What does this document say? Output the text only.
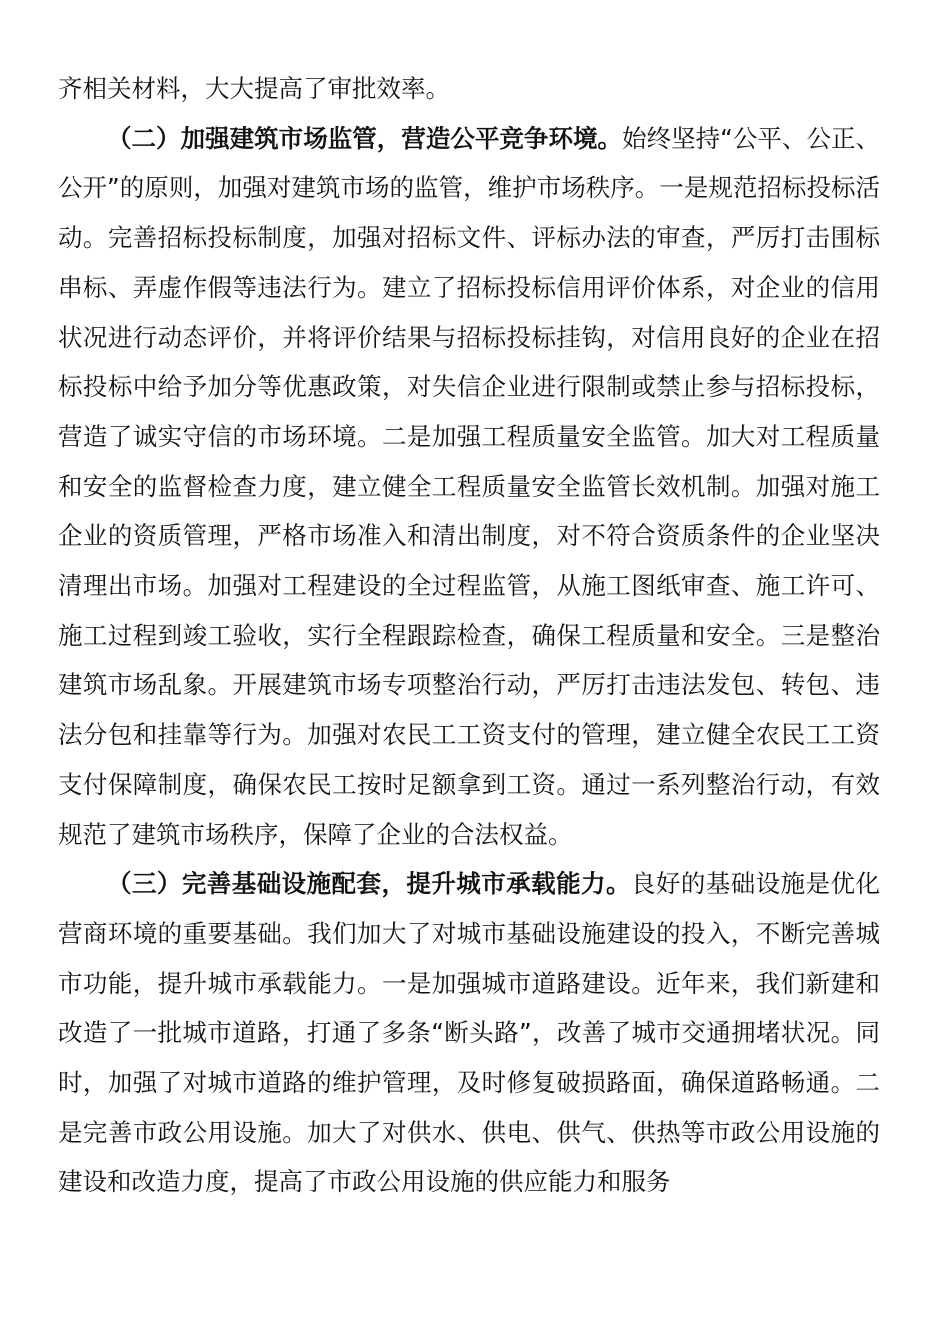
齐相关材料，大大提高了审批效率。

（二）加强建筑市场监管，营造公平竞争环境。始终坚持“公平、公正、公开”的原则，加强对建筑市场的监管，维护市场秩序。一是规范招标投标活动。完善招标投标制度，加强对招标文件、评标办法的审查，严厉打击围标串标、弄虚作假等违法行为。建立了招标投标信用评价体系，对企业的信用状况进行动态评价，并将评价结果与招标投标挂钩，对信用良好的企业在招标投标中给予加分等优惠政策，对失信企业进行限制或禁止参与招标投标，营造了诚实守信的市场环境。二是加强工程质量安全监管。加大对工程质量和安全的监督检查力度，建立健全工程质量安全监管长效机制。加强对施工企业的资质管理，严格市场准入和清出制度，对不符合资质条件的企业坚决清理出市场。加强对工程建设的全过程监管，从施工图纸审查、施工许可、施工过程到竣工验收，实行全程跟踪检查，确保工程质量和安全。三是整治建筑市场乱象。开展建筑市场专项整治行动，严厉打击违法发包、转包、违法分包和挂靠等行为。加强对农民工工资支付的管理，建立健全农民工工资支付保障制度，确保农民工按时足额拿到工资。通过一系列整治行动，有效规范了建筑市场秩序，保障了企业的合法权益。

（三）完善基础设施配套，提升城市承载能力。良好的基础设施是优化营商环境的重要基础。我们加大了对城市基础设施建设的投入，不断完善城市功能，提升城市承载能力。一是加强城市道路建设。近年来，我们新建和改造了一批城市道路，打通了多条“断头路”，改善了城市交通拥堵状况。同时，加强了对城市道路的维护管理，及时修复破损路面，确保道路畅通。二是完善市政公用设施。加大了对供水、供电、供气、供热等市政公用设施的建设和改造力度，提高了市政公用设施的供应能力和服务
